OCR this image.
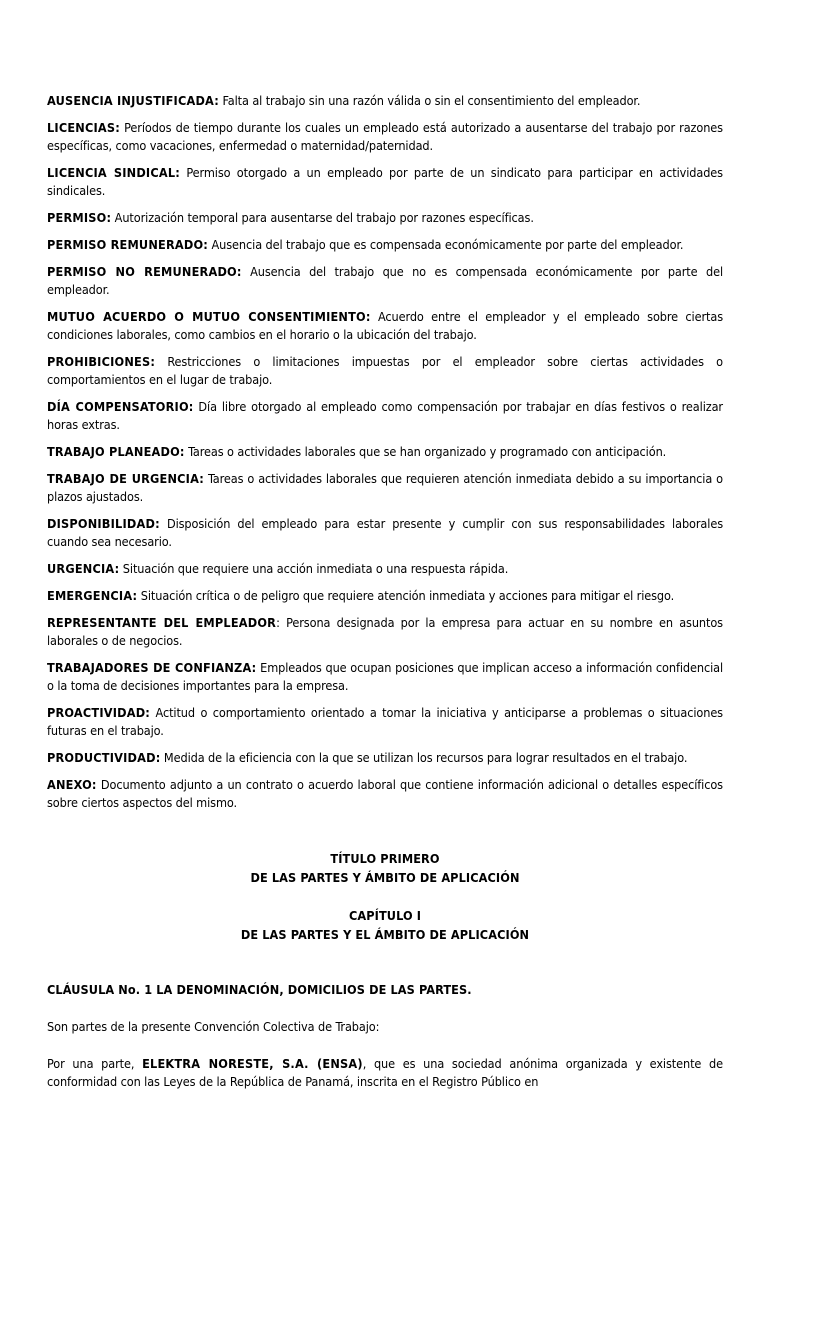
AUSENCIA INJUSTIFICADA: Falta al trabajo sin una razón válida o sin el consentimiento del empleador.

LICENCIAS: Períodos de tiempo durante los cuales un empleado está autorizado a ausentarse del trabajo por razones específicas, como vacaciones, enfermedad o maternidad/paternidad.

LICENCIA SINDICAL: Permiso otorgado a un empleado por parte de un sindicato para participar en actividades sindicales.

PERMISO: Autorización temporal para ausentarse del trabajo por razones específicas.

PERMISO REMUNERADO: Ausencia del trabajo que es compensada económicamente por parte del empleador.

PERMISO NO REMUNERADO: Ausencia del trabajo que no es compensada económicamente por parte del empleador.

MUTUO ACUERDO O MUTUO CONSENTIMIENTO: Acuerdo entre el empleador y el empleado sobre ciertas condiciones laborales, como cambios en el horario o la ubicación del trabajo.

PROHIBICIONES: Restricciones o limitaciones impuestas por el empleador sobre ciertas actividades o comportamientos en el lugar de trabajo.

DÍA COMPENSATORIO: Día libre otorgado al empleado como compensación por trabajar en días festivos o realizar horas extras.

TRABAJO PLANEADO: Tareas o actividades laborales que se han organizado y programado con anticipación.

TRABAJO DE URGENCIA: Tareas o actividades laborales que requieren atención inmediata debido a su importancia o plazos ajustados.

DISPONIBILIDAD: Disposición del empleado para estar presente y cumplir con sus responsabilidades laborales cuando sea necesario.

URGENCIA: Situación que requiere una acción inmediata o una respuesta rápida.

EMERGENCIA: Situación crítica o de peligro que requiere atención inmediata y acciones para mitigar el riesgo.

REPRESENTANTE DEL EMPLEADOR: Persona designada por la empresa para actuar en su nombre en asuntos laborales o de negocios.

TRABAJADORES DE CONFIANZA: Empleados que ocupan posiciones que implican acceso a información confidencial o la toma de decisiones importantes para la empresa.

PROACTIVIDAD: Actitud o comportamiento orientado a tomar la iniciativa y anticiparse a problemas o situaciones futuras en el trabajo.

PRODUCTIVIDAD: Medida de la eficiencia con la que se utilizan los recursos para lograr resultados en el trabajo.

ANEXO: Documento adjunto a un contrato o acuerdo laboral que contiene información adicional o detalles específicos sobre ciertos aspectos del mismo.

TÍTULO PRIMERO
DE LAS PARTES Y ÁMBITO DE APLICACIÓN
CAPÍTULO I
DE LAS PARTES Y EL ÁMBITO DE APLICACIÓN

CLÁUSULA No. 1 LA DENOMINACIÓN, DOMICILIOS DE LAS PARTES.

Son partes de la presente Convención Colectiva de Trabajo:

Por una parte, ELEKTRA NORESTE, S.A. (ENSA), que es una sociedad anónima organizada y existente de conformidad con las Leyes de la República de Panamá, inscrita en el Registro Público en
